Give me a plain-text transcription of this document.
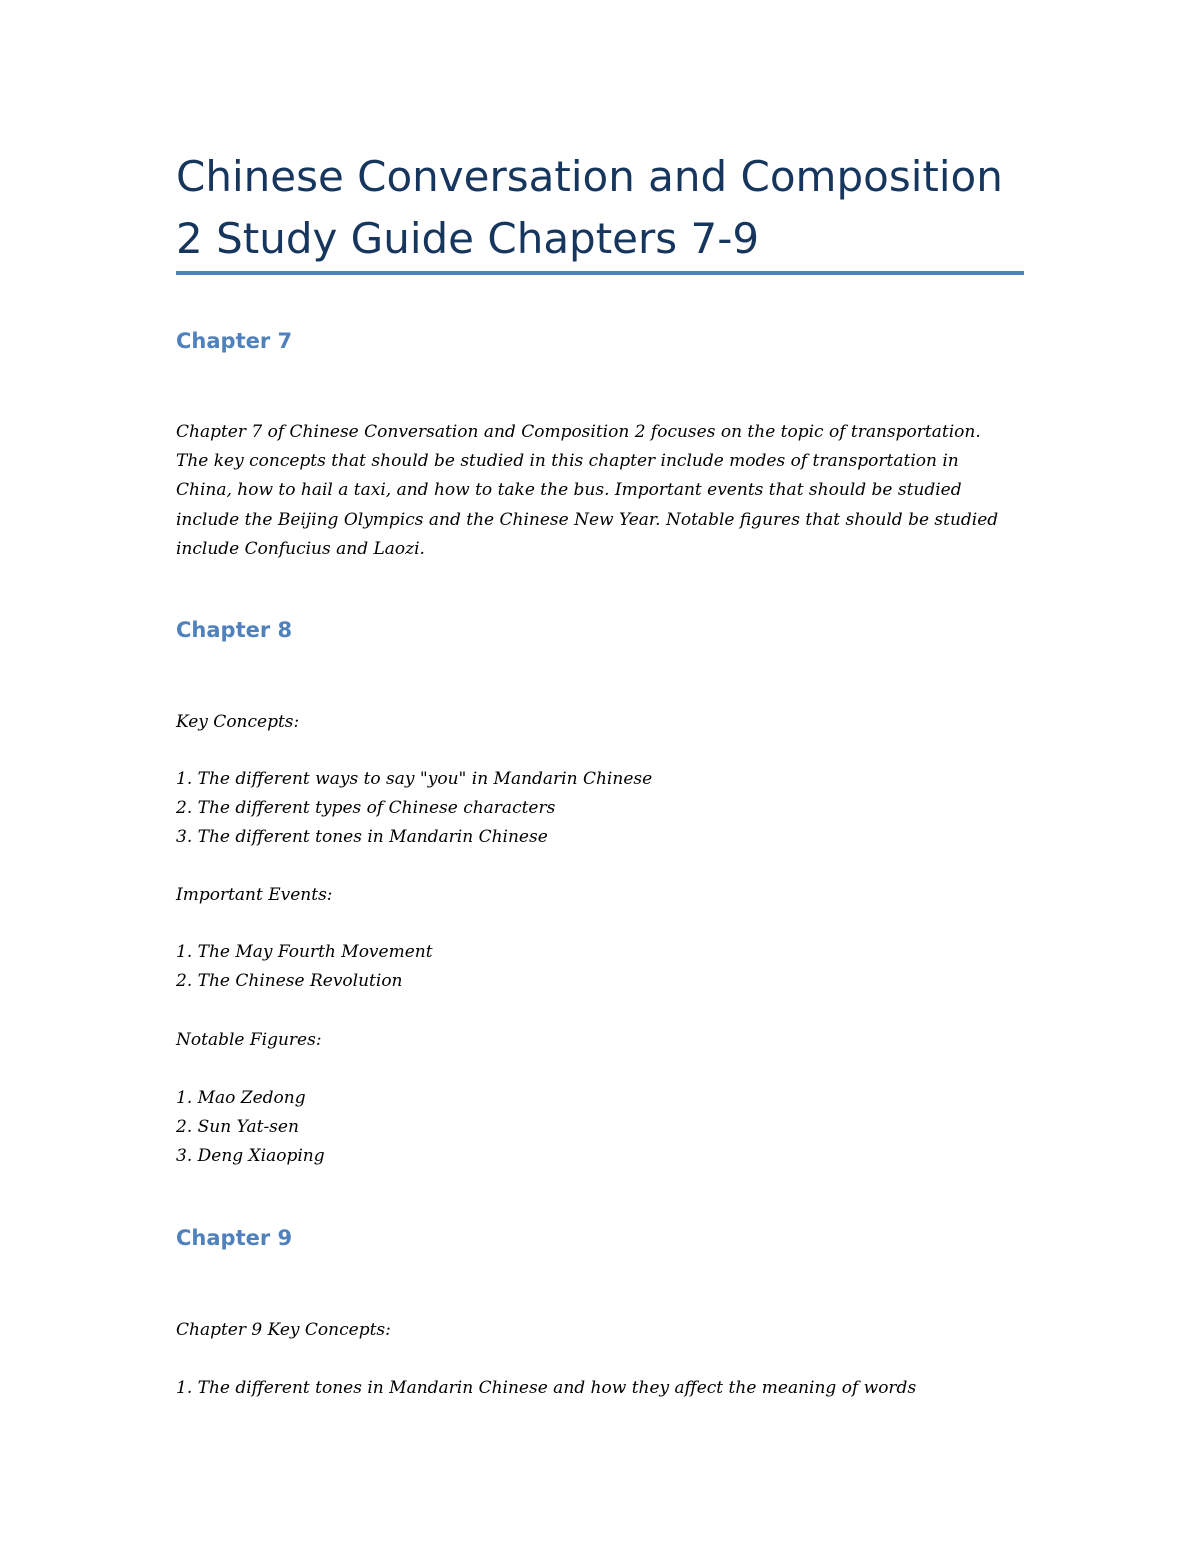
Chinese Conversation and Composition
2 Study Guide Chapters 7-9
Chapter 7

Chapter 7 of Chinese Conversation and Composition 2 focuses on the topic of transportation.
The key concepts that should be studied in this chapter include modes of transportation in
China, how to hail a taxi, and how to take the bus. Important events that should be studied
include the Beijing Olympics and the Chinese New Year. Notable figures that should be studied
include Confucius and Laozi.

Chapter 8

Key Concepts:

1. The different ways to say "you" in Mandarin Chinese
2. The different types of Chinese characters
3. The different tones in Mandarin Chinese

Important Events:

1. The May Fourth Movement
2. The Chinese Revolution

Notable Figures:

1. Mao Zedong
2. Sun Yat-sen
3. Deng Xiaoping
Chapter 9

Chapter 9 Key Concepts:

1. The different tones in Mandarin Chinese and how they affect the meaning of words
